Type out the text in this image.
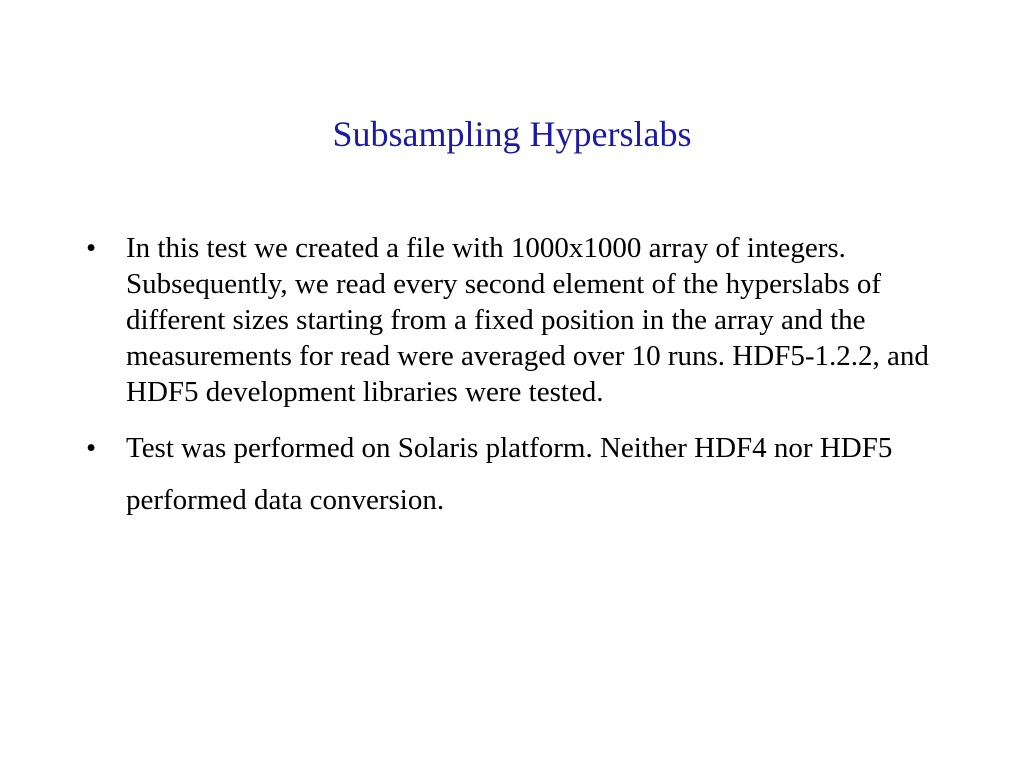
Subsampling Hyperslabs
• In this test we created a file with 1000x1000 array of integers. Subsequently, we read every second element of the hyperslabs of different sizes starting from a fixed position in the array and the measurements for read were averaged over 10 runs. HDF5-1.2.2, and HDF5 development libraries were tested.
• Test was performed on Solaris platform. Neither HDF4 nor HDF5 performed data conversion.
